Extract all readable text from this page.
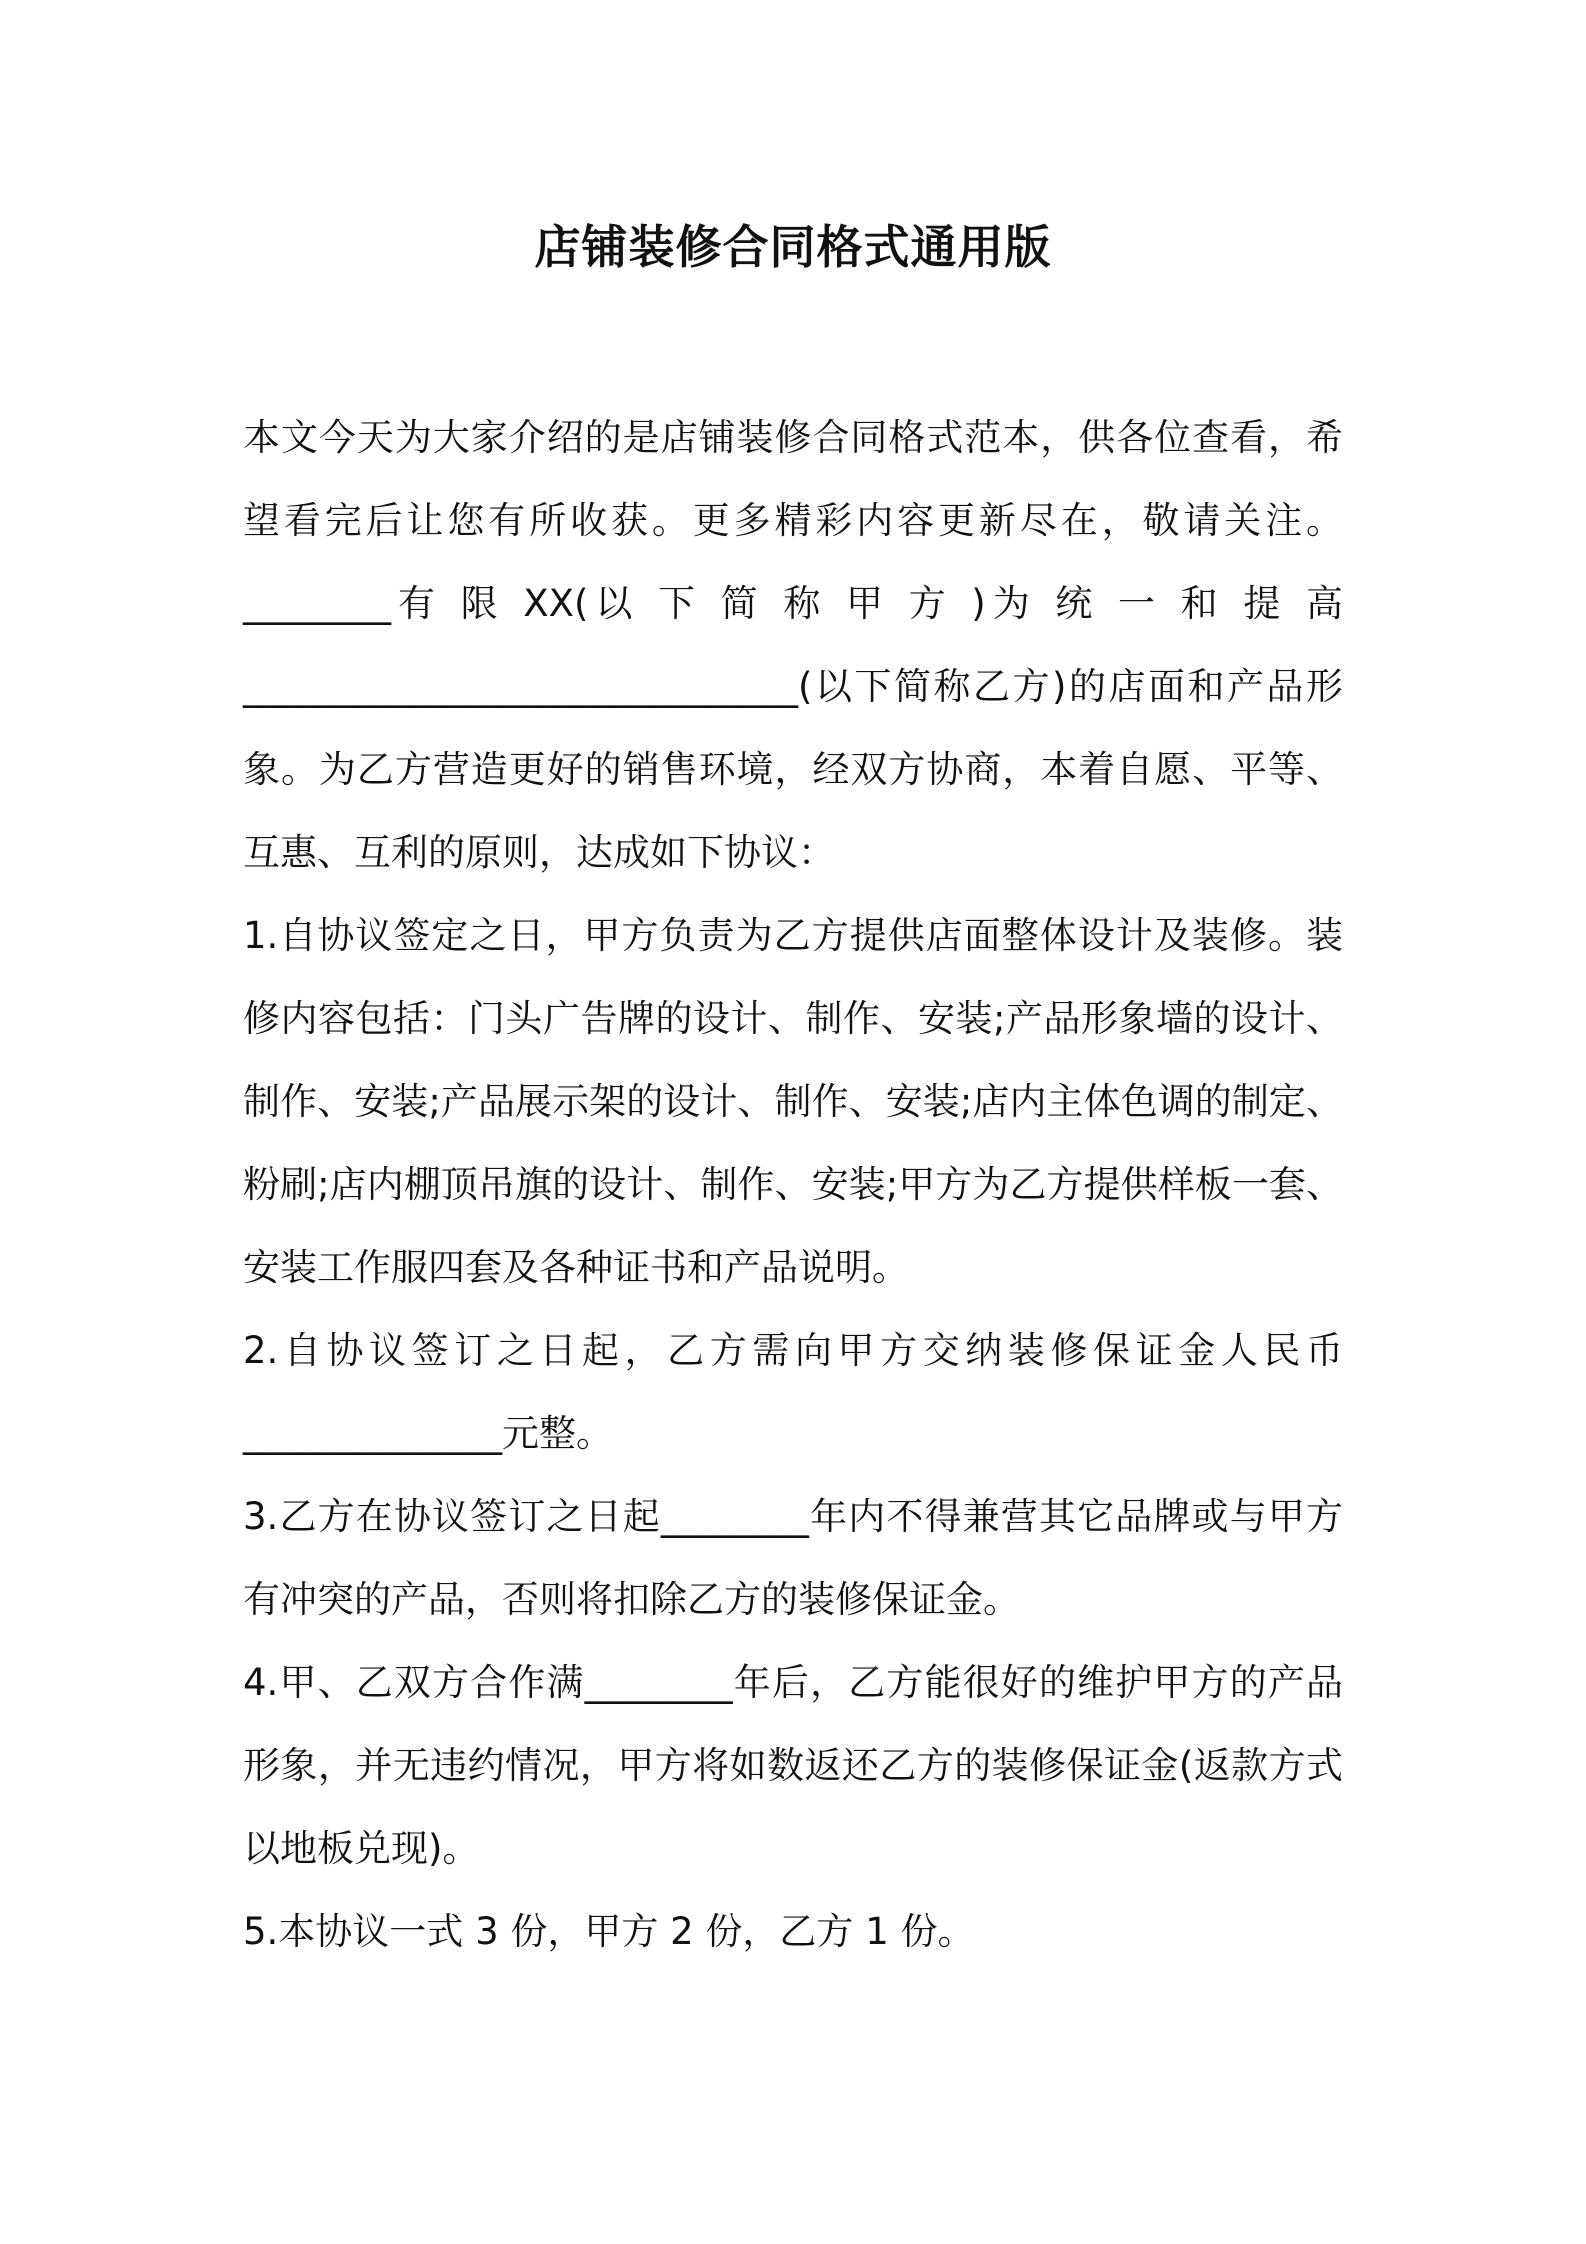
店铺装修合同格式通用版

本文今天为大家介绍的是店铺装修合同格式范本，供各位查看，希望看完后让您有所收获。更多精彩内容更新尽在，敬请关注。 ________有 限 XX(以 下 简 称 甲 方 )为 统 一 和 提 高 ______________________________(以下简称乙方)的店面和产品形象。为乙方营造更好的销售环境，经双方协商，本着自愿、平等、互惠、互利的原则，达成如下协议：

1.自协议签定之日，甲方负责为乙方提供店面整体设计及装修。装修内容包括：门头广告牌的设计、制作、安装;产品形象墙的设计、制作、安装;产品展示架的设计、制作、安装;店内主体色调的制定、粉刷;店内棚顶吊旗的设计、制作、安装;甲方为乙方提供样板一套、安装工作服四套及各种证书和产品说明。

2.自协议签订之日起，乙方需向甲方交纳装修保证金人民币______________元整。

3.乙方在协议签订之日起________年内不得兼营其它品牌或与甲方有冲突的产品，否则将扣除乙方的装修保证金。

4.甲、乙双方合作满________年后，乙方能很好的维护甲方的产品形象，并无违约情况，甲方将如数返还乙方的装修保证金(返款方式以地板兑现)。

5.本协议一式 3 份，甲方 2 份，乙方 1 份。
